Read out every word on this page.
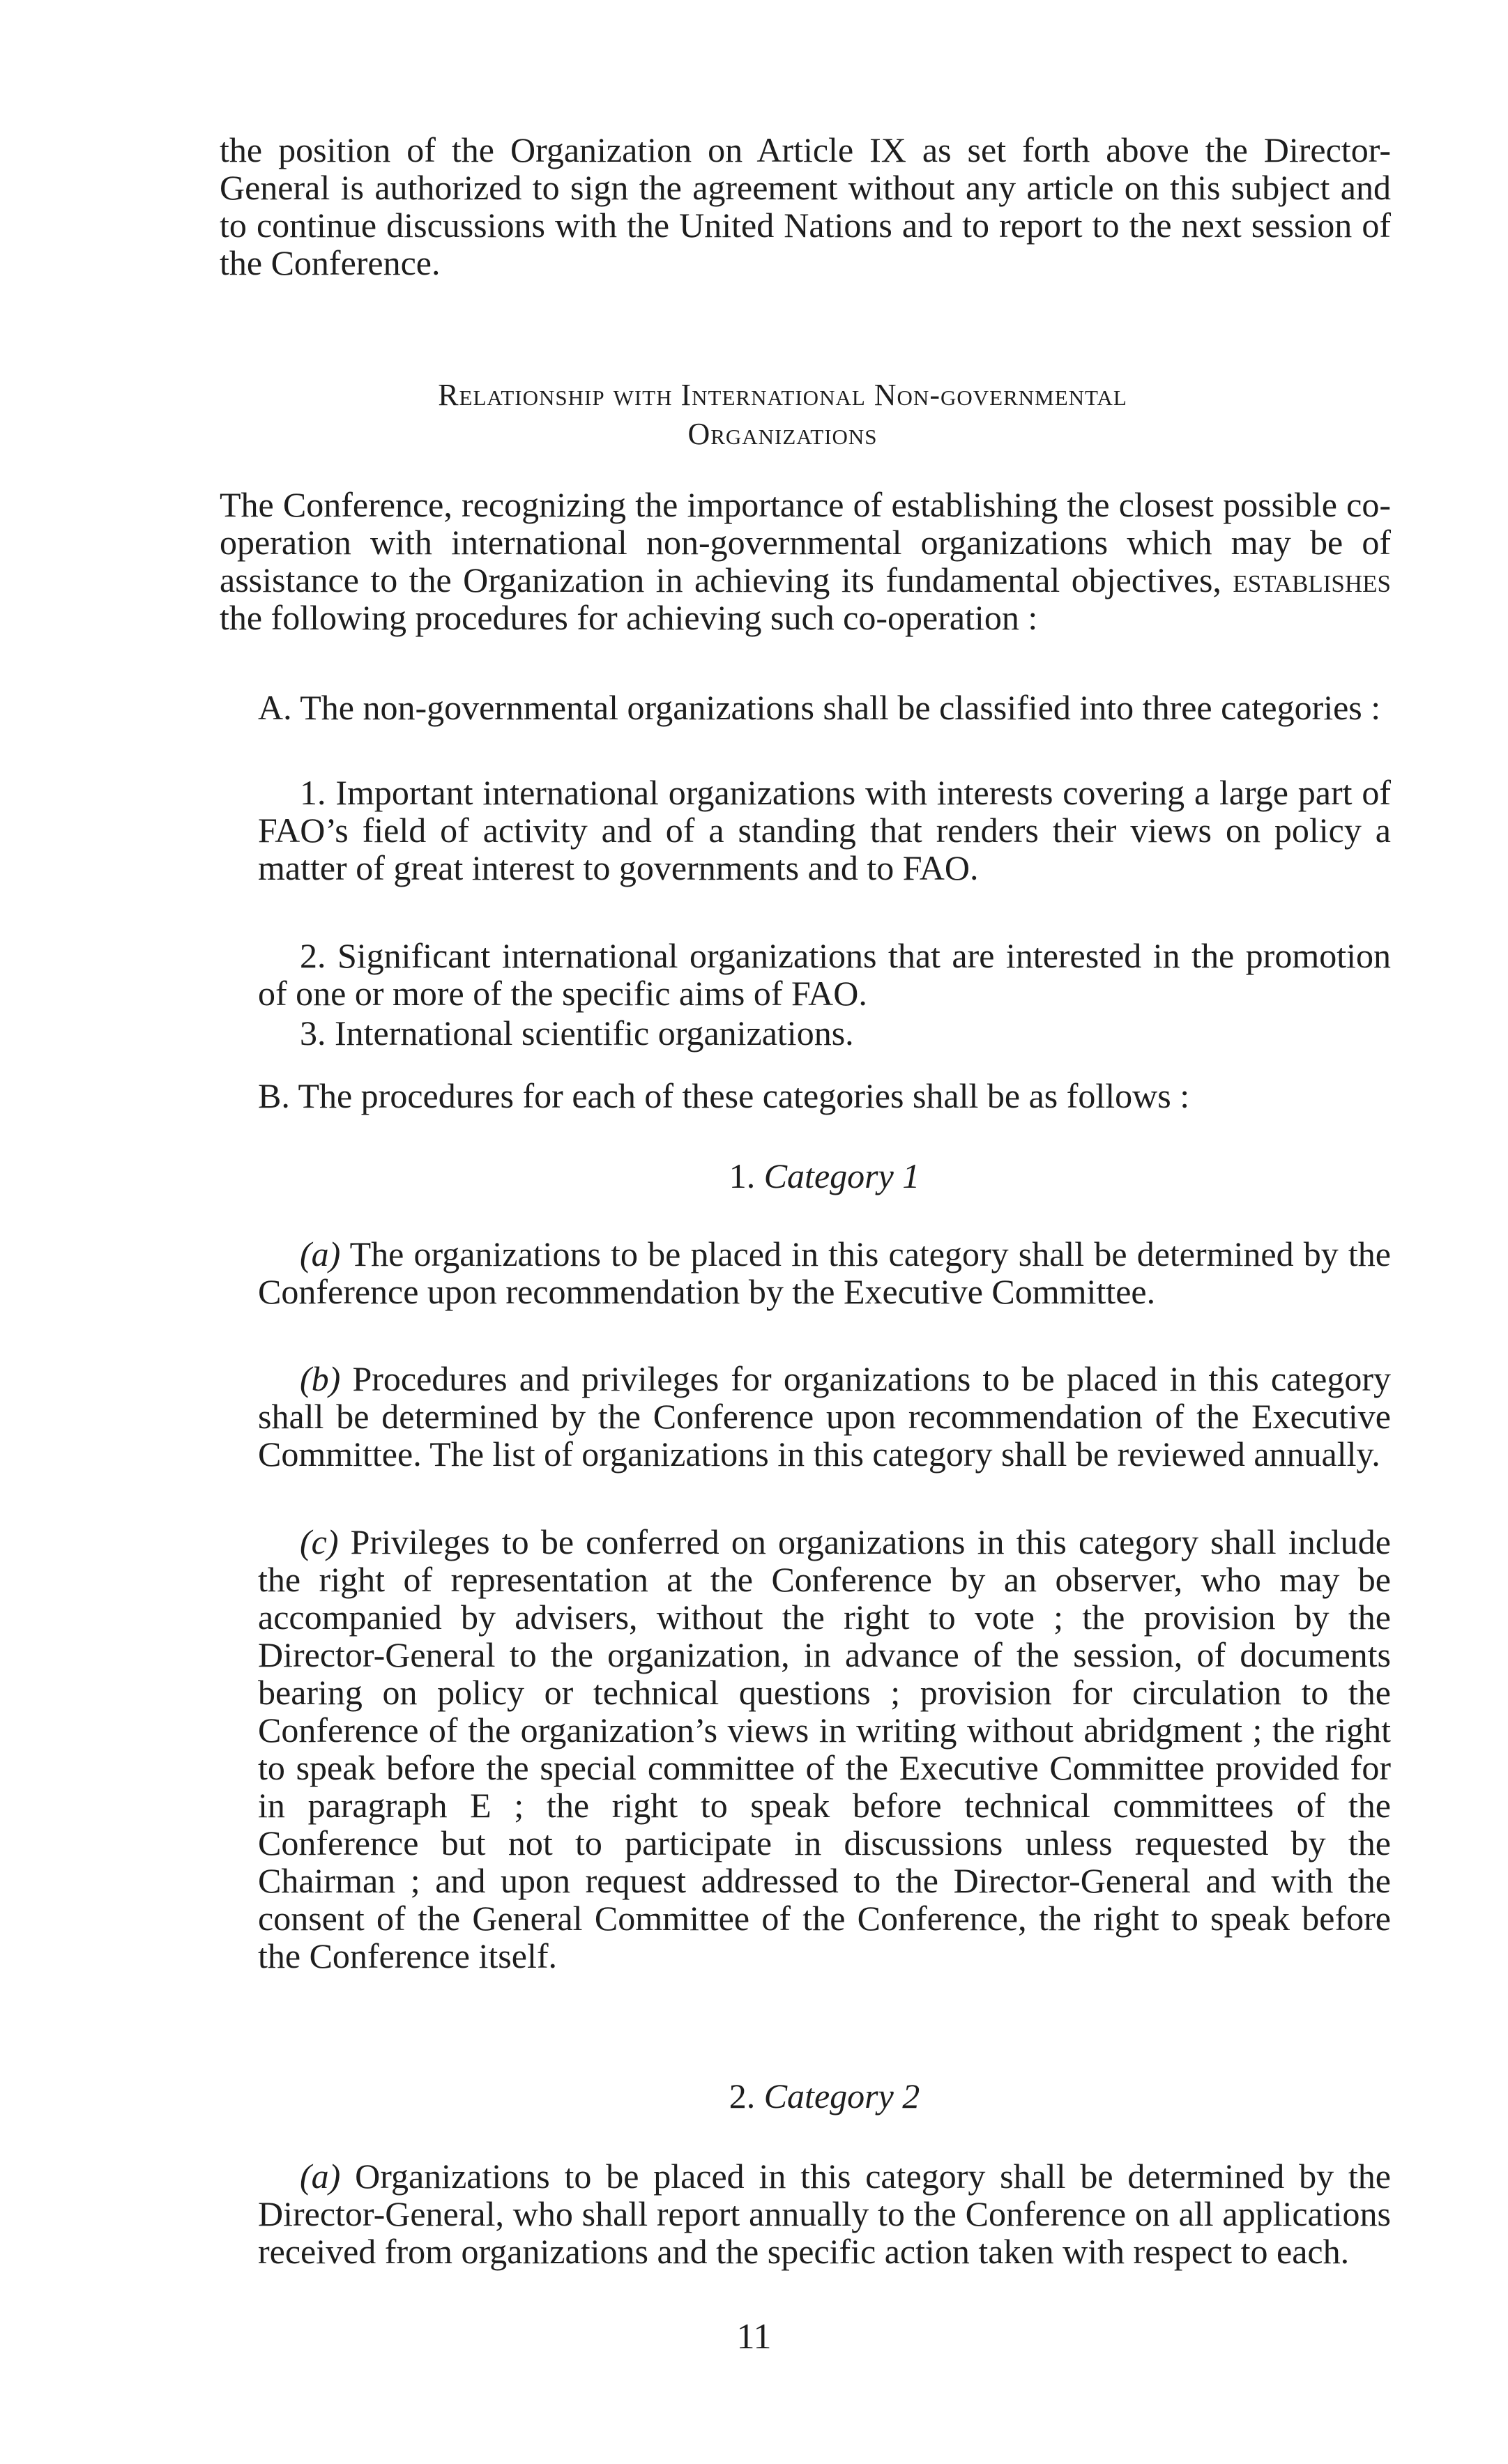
the position of the Organization on Article IX as set forth above the Director-General is authorized to sign the agreement without any article on this subject and to continue discussions with the United Nations and to report to the next session of the Conference.

Relationship with International Non-governmental
Organizations

The Conference, recognizing the importance of establishing the closest possible co-operation with international non-governmental organizations which may be of assistance to the Organization in achieving its fundamental objectives, establishes the following procedures for achieving such co-operation :

A. The non-governmental organizations shall be classified into three categories :

1. Important international organizations with interests covering a large part of FAO’s field of activity and of a standing that renders their views on policy a matter of great interest to governments and to FAO.

2. Significant international organizations that are interested in the promotion of one or more of the specific aims of FAO.

3. International scientific organizations.

B. The procedures for each of these categories shall be as follows :

1. Category 1

(a) The organizations to be placed in this category shall be determined by the Conference upon recommendation by the Executive Committee.

(b) Procedures and privileges for organizations to be placed in this category shall be determined by the Conference upon recommendation of the Executive Committee. The list of organizations in this category shall be reviewed annually.

(c) Privileges to be conferred on organizations in this category shall include the right of representation at the Conference by an observer, who may be accompanied by advisers, without the right to vote ; the provision by the Director-General to the organization, in advance of the session, of documents bearing on policy or technical questions ; provision for circulation to the Conference of the organization’s views in writing without abridgment ; the right to speak before the special committee of the Executive Committee provided for in paragraph E ; the right to speak before technical committees of the Conference but not to participate in discussions unless requested by the Chairman ; and upon request addressed to the Director-General and with the consent of the General Committee of the Conference, the right to speak before the Conference itself.

2. Category 2

(a) Organizations to be placed in this category shall be determined by the Director-General, who shall report annually to the Conference on all applications received from organizations and the specific action taken with respect to each.

11
